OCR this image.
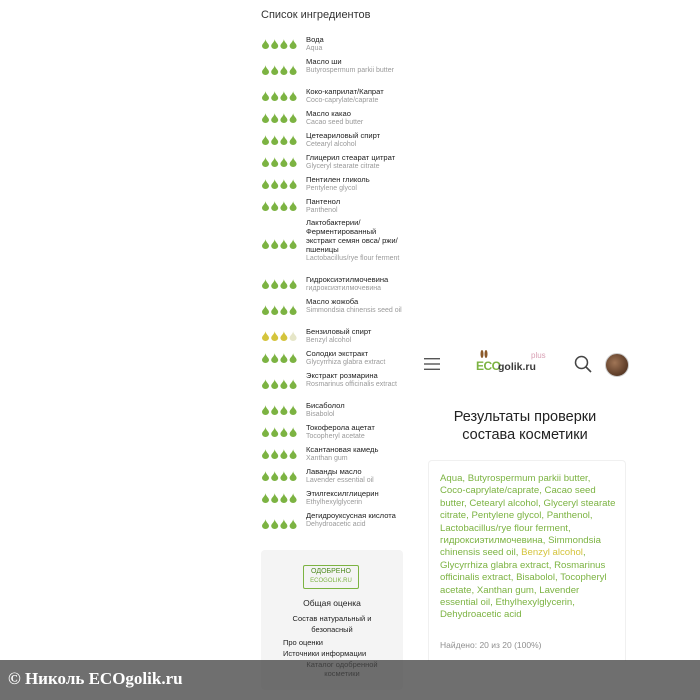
Список ингредиентов
Вода
Aqua
Масло ши
Butyrospermum parkii butter
Коко-каприлат/Капрат
Coco-caprylate/caprate
Масло какао
Cacao seed butter
Цетеариловый спирт
Cetearyl alcohol
Глицерил стеарат цитрат
Glyceryl stearate citrate
Пентилен гликоль
Pentylene glycol
Пантенол
Panthenol
Лактобактерии/ Ферментированный экстракт семян овса/ ржи/пшеницы
Lactobacillus/rye flour ferment
Гидроксиэтилмочевина
гидроксиэтилмочевина
Масло жожоба
Simmondsia chinensis seed oil
Бензиловый спирт
Benzyl alcohol
Солодки экстракт
Glycyrrhiza glabra extract
Экстракт розмарина
Rosmarinus officinalis extract
Бисаболол
Bisabolol
Токоферола ацетат
Tocopheryl acetate
Ксантановая камедь
Xanthan gum
Лаванды масло
Lavender essential oil
Этилгексилглицерин
Ethylhexylglycerin
Дегидроуксусная кислота
Dehydroacetic acid
ОДОБРЕНО
ECOGOLIK.RU
Общая оценка
Состав натуральный и безопасный
Про оценки
Источники информации
ECO
golik.ru
plus
Результаты проверки состава косметики
Aqua, Butyrospermum parkii butter, Coco-caprylate/caprate, Cacao seed butter, Cetearyl alcohol, Glyceryl stearate citrate, Pentylene glycol, Panthenol, Lactobacillus/rye flour ferment, гидроксиэтилмочевина, Simmondsia chinensis seed oil, Benzyl alcohol, Glycyrrhiza glabra extract, Rosmarinus officinalis extract, Bisabolol, Tocopheryl acetate, Xanthan gum, Lavender essential oil, Ethylhexylglycerin, Dehydroacetic acid
Найдено: 20 из 20 (100%)
© Николь ECOgolik.ru
